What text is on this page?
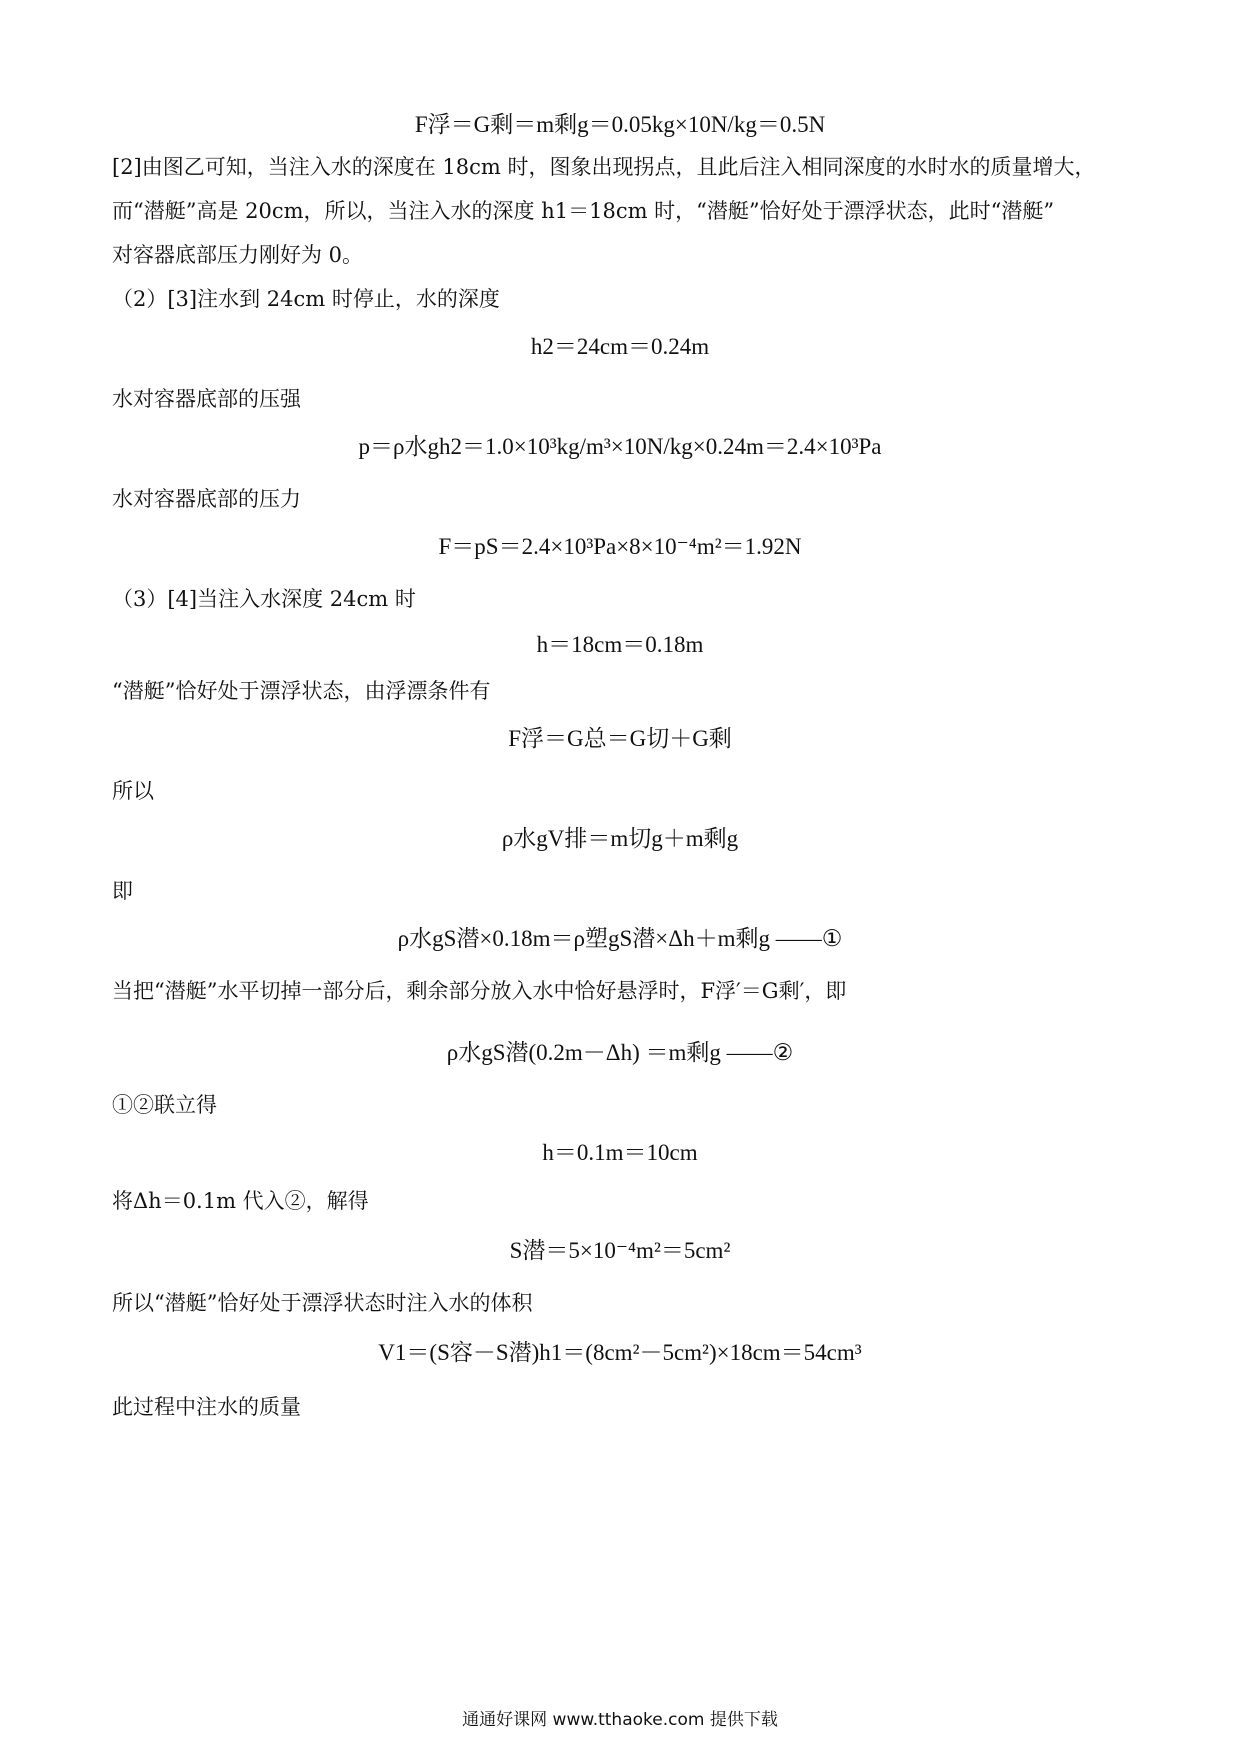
F浮＝G剩＝m剩g＝0.05kg×10N/kg＝0.5N
[2]由图乙可知，当注入水的深度在 18cm 时，图象出现拐点，且此后注入相同深度的水时水的质量增大，
而“潜艇”高是 20cm，所以，当注入水的深度 h1＝18cm 时，“潜艇”恰好处于漂浮状态，此时“潜艇”
对容器底部压力刚好为 0。
（2）[3]注水到 24cm 时停止，水的深度
h2＝24cm＝0.24m
水对容器底部的压强
p＝ρ水gh2＝1.0×10³kg/m³×10N/kg×0.24m＝2.4×10³Pa
水对容器底部的压力
F＝pS＝2.4×10³Pa×8×10⁻⁴m²＝1.92N
（3）[4]当注入水深度 24cm 时
h＝18cm＝0.18m
“潜艇”恰好处于漂浮状态，由浮漂条件有
F浮＝G总＝G切＋G剩
所以
ρ水gV排＝m切g＋m剩g
即
ρ水gS潜×0.18m＝ρ塑gS潜×Δh＋m剩g ——①
当把“潜艇”水平切掉一部分后，剩余部分放入水中恰好悬浮时，F浮′＝G剩′，即
ρ水gS潜(0.2m－Δh) ＝m剩g ——②
①②联立得
h＝0.1m＝10cm
将Δh＝0.1m 代入②，解得
S潜＝5×10⁻⁴m²＝5cm²
所以“潜艇”恰好处于漂浮状态时注入水的体积
V1＝(S容－S潜)h1＝(8cm²－5cm²)×18cm＝54cm³
此过程中注水的质量
通通好课网 www.tthaoke.com 提供下载
